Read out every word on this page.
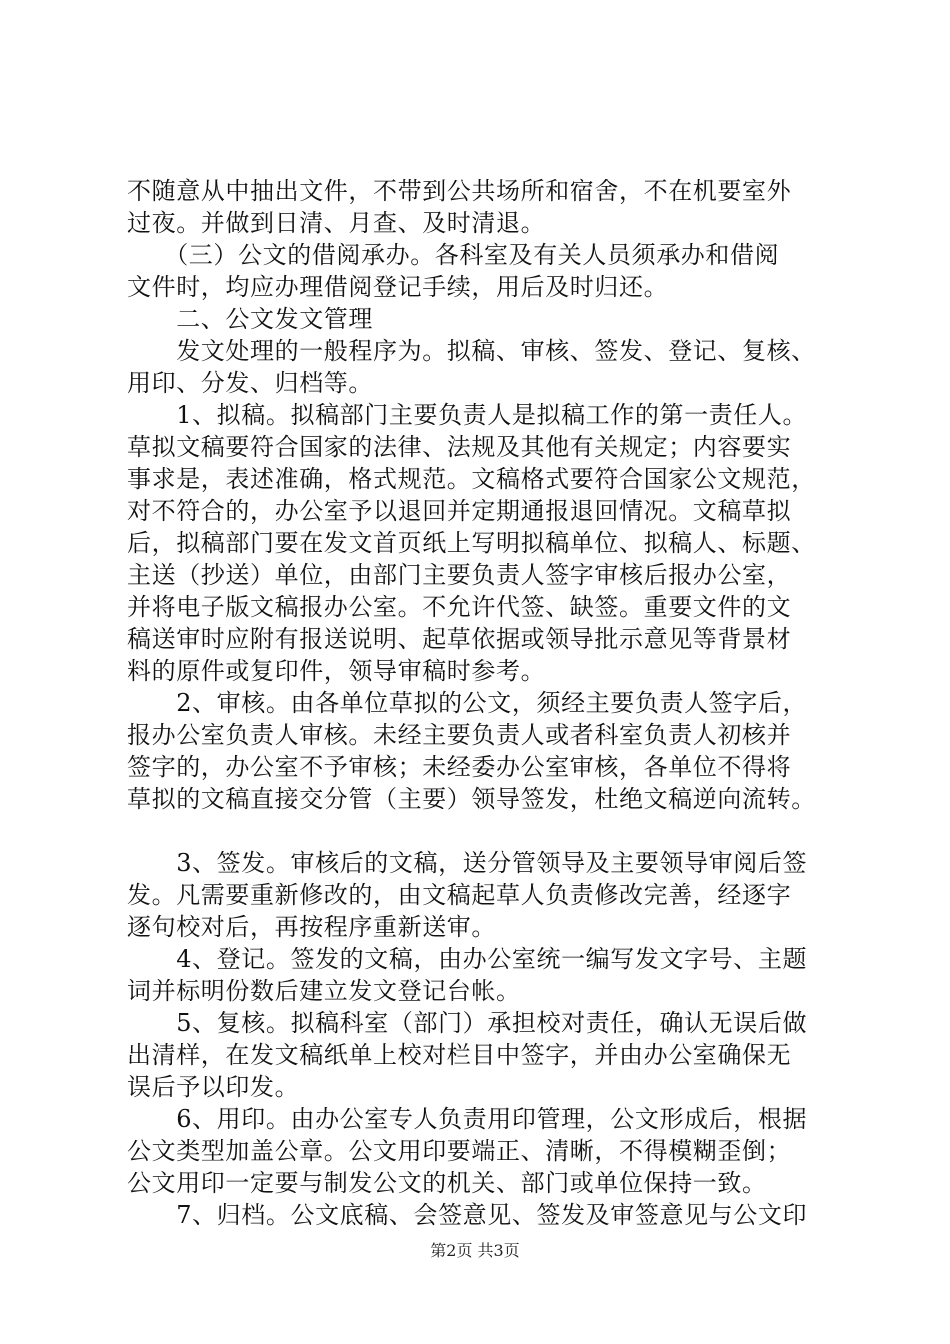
不随意从中抽出文件，不带到公共场所和宿舍，不在机要室外
过夜。并做到日清、月查、及时清退。
　　（三）公文的借阅承办。各科室及有关人员须承办和借阅
文件时，均应办理借阅登记手续，用后及时归还。
　　二、公文发文管理
　　发文处理的一般程序为。拟稿、审核、签发、登记、复核、
用印、分发、归档等。
　　1、拟稿。拟稿部门主要负责人是拟稿工作的第一责任人。
草拟文稿要符合国家的法律、法规及其他有关规定；内容要实
事求是，表述准确，格式规范。文稿格式要符合国家公文规范，
对不符合的，办公室予以退回并定期通报退回情况。文稿草拟
后，拟稿部门要在发文首页纸上写明拟稿单位、拟稿人、标题、
主送（抄送）单位，由部门主要负责人签字审核后报办公室，
并将电子版文稿报办公室。不允许代签、缺签。重要文件的文
稿送审时应附有报送说明、起草依据或领导批示意见等背景材
料的原件或复印件，领导审稿时参考。
　　2、审核。由各单位草拟的公文，须经主要负责人签字后，
报办公室负责人审核。未经主要负责人或者科室负责人初核并
签字的，办公室不予审核；未经委办公室审核，各单位不得将
草拟的文稿直接交分管（主要）领导签发，杜绝文稿逆向流转。
　　3、签发。审核后的文稿，送分管领导及主要领导审阅后签
发。凡需要重新修改的，由文稿起草人负责修改完善，经逐字
逐句校对后，再按程序重新送审。
　　4、登记。签发的文稿，由办公室统一编写发文字号、主题
词并标明份数后建立发文登记台帐。
　　5、复核。拟稿科室（部门）承担校对责任，确认无误后做
出清样，在发文稿纸单上校对栏目中签字，并由办公室确保无
误后予以印发。
　　6、用印。由办公室专人负责用印管理，公文形成后，根据
公文类型加盖公章。公文用印要端正、清晰，不得模糊歪倒；
公文用印一定要与制发公文的机关、部门或单位保持一致。
　　7、归档。公文底稿、会签意见、签发及审签意见与公文印
第2页 共3页
